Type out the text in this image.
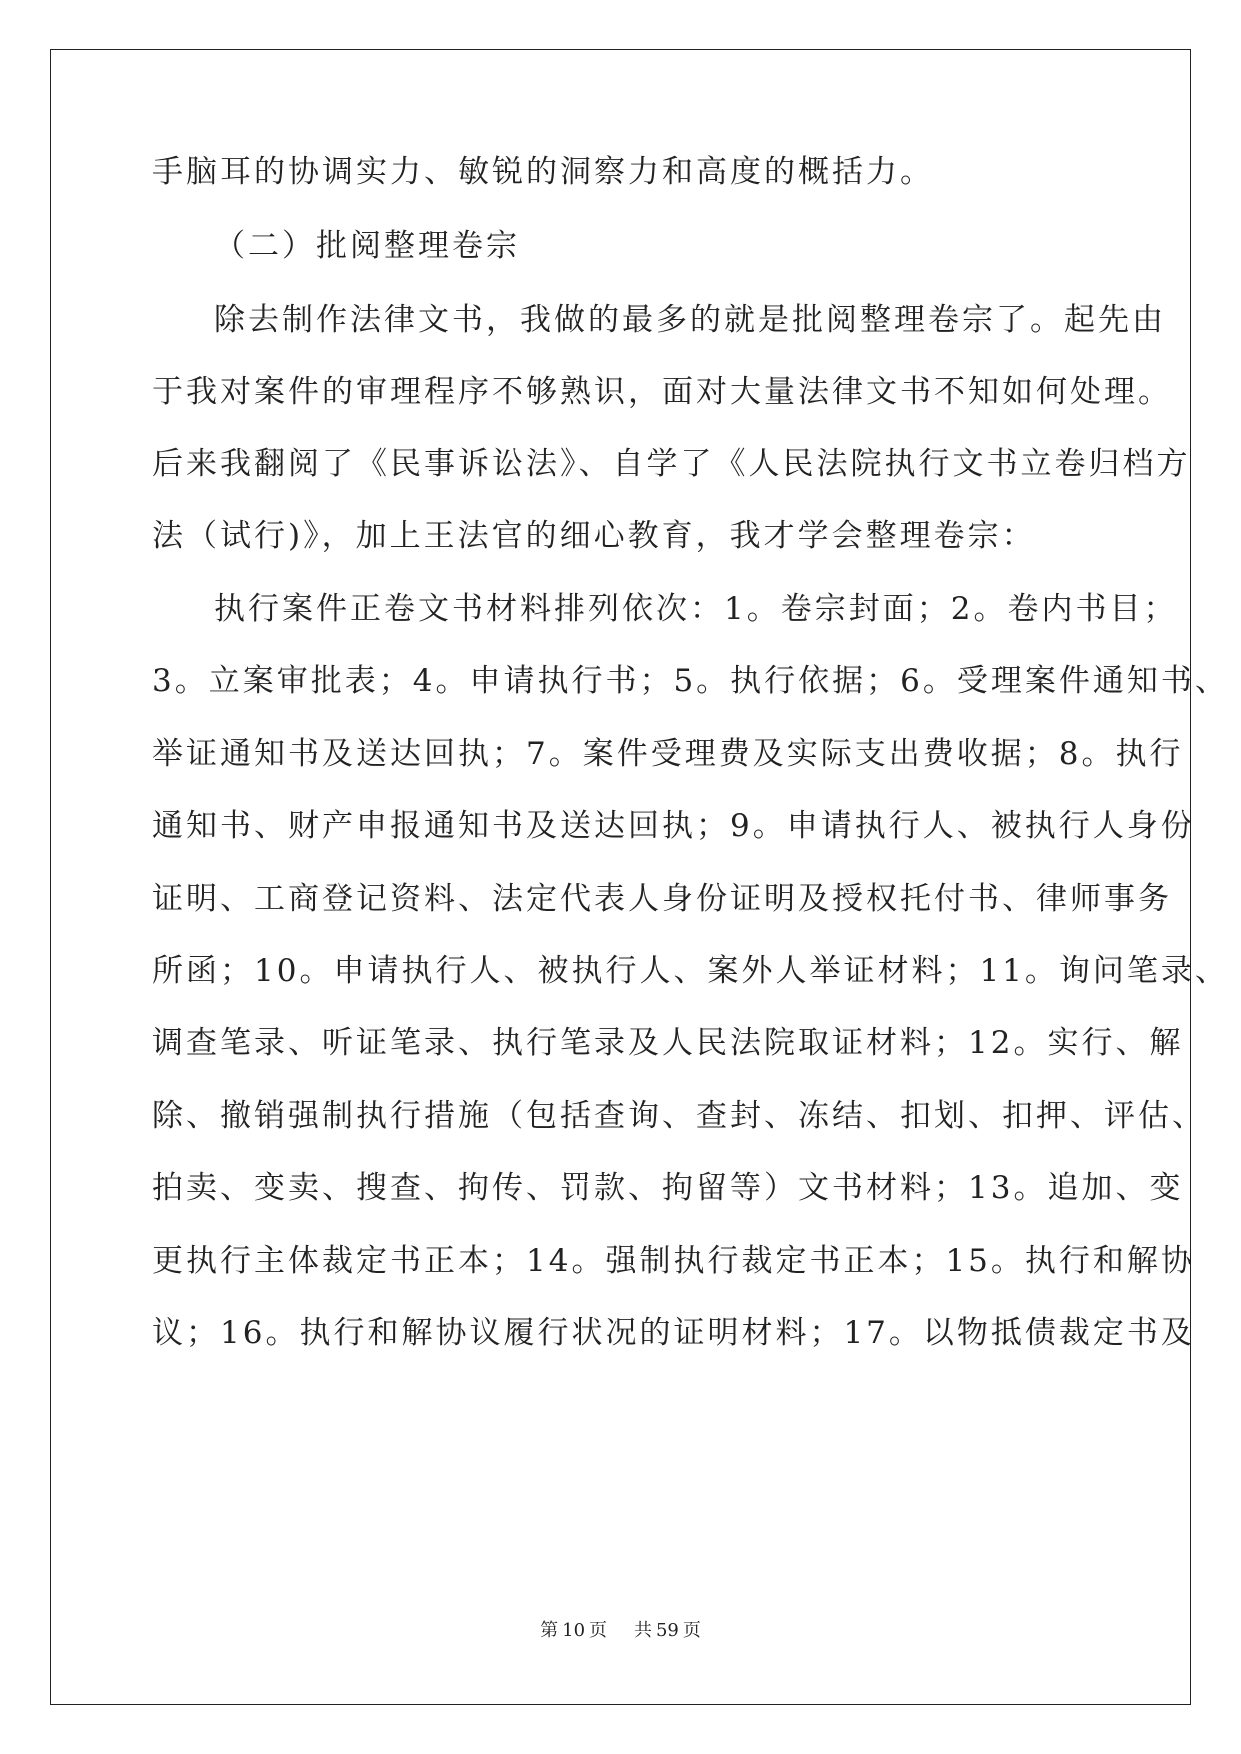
手脑耳的协调实力、敏锐的洞察力和高度的概括力。
（二）批阅整理卷宗
除去制作法律文书，我做的最多的就是批阅整理卷宗了。起先由
于我对案件的审理程序不够熟识，面对大量法律文书不知如何处理。
后来我翻阅了《民事诉讼法》、自学了《人民法院执行文书立卷归档方
法（试行)》，加上王法官的细心教育，我才学会整理卷宗：
执行案件正卷文书材料排列依次：1。卷宗封面；2。卷内书目；
3。立案审批表；4。申请执行书；5。执行依据；6。受理案件通知书、
举证通知书及送达回执；7。案件受理费及实际支出费收据；8。执行
通知书、财产申报通知书及送达回执；9。申请执行人、被执行人身份
证明、工商登记资料、法定代表人身份证明及授权托付书、律师事务
所函；10。申请执行人、被执行人、案外人举证材料；11。询问笔录、
调查笔录、听证笔录、执行笔录及人民法院取证材料；12。实行、解
除、撤销强制执行措施（包括查询、查封、冻结、扣划、扣押、评估、
拍卖、变卖、搜查、拘传、罚款、拘留等）文书材料；13。追加、变
更执行主体裁定书正本；14。强制执行裁定书正本；15。执行和解协
议；16。执行和解协议履行状况的证明材料；17。以物抵债裁定书及
第 10 页 共 59 页
